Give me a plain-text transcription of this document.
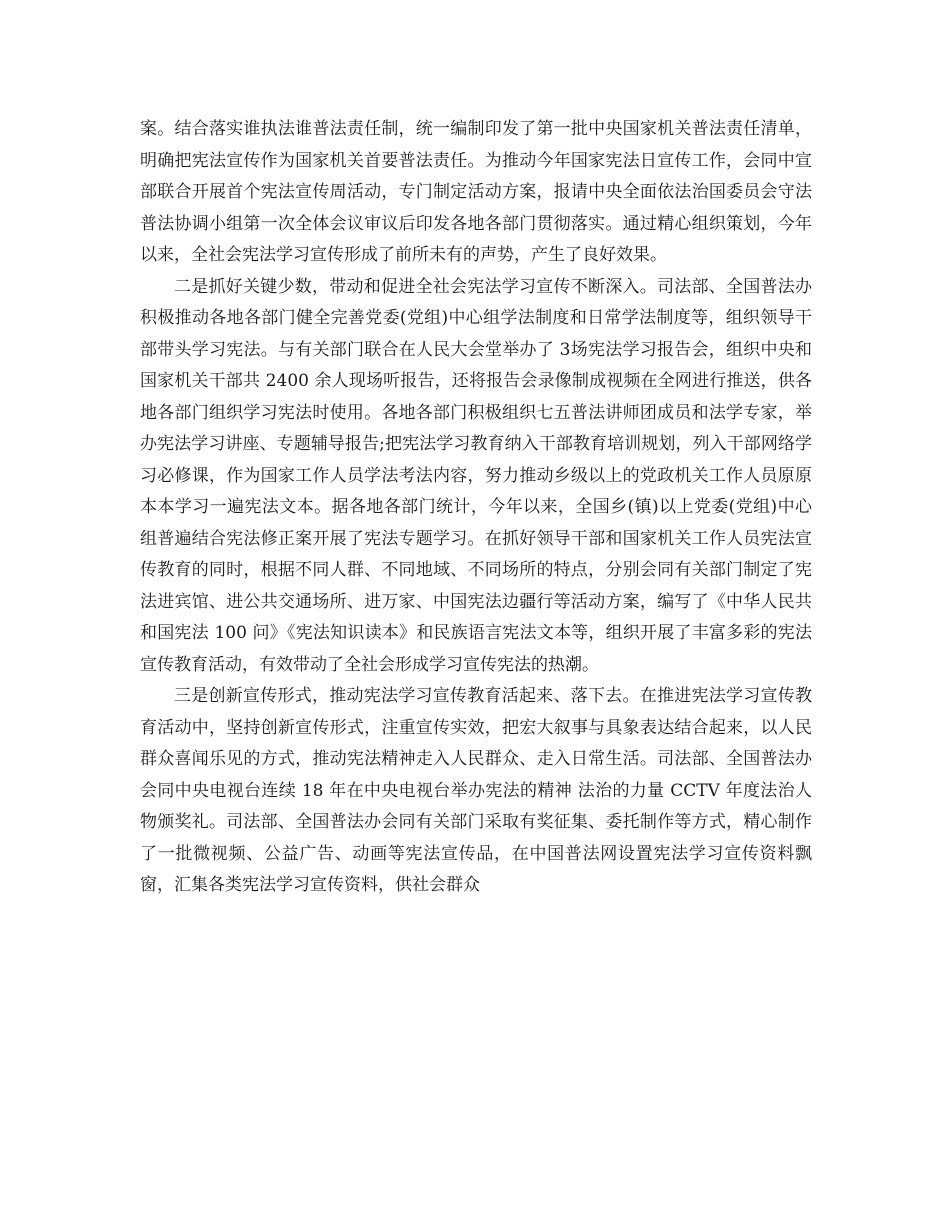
案。结合落实谁执法谁普法责任制，统一编制印发了第一批中央国家机关普法责任清单，明确把宪法宣传作为国家机关首要普法责任。为推动今年国家宪法日宣传工作，会同中宣部联合开展首个宪法宣传周活动，专门制定活动方案，报请中央全面依法治国委员会守法普法协调小组第一次全体会议审议后印发各地各部门贯彻落实。通过精心组织策划，今年以来，全社会宪法学习宣传形成了前所未有的声势，产生了良好效果。

二是抓好关键少数，带动和促进全社会宪法学习宣传不断深入。司法部、全国普法办积极推动各地各部门健全完善党委(党组)中心组学法制度和日常学法制度等，组织领导干部带头学习宪法。与有关部门联合在人民大会堂举办了 3场宪法学习报告会，组织中央和国家机关干部共 2400 余人现场听报告，还将报告会录像制成视频在全网进行推送，供各地各部门组织学习宪法时使用。各地各部门积极组织七五普法讲师团成员和法学专家，举办宪法学习讲座、专题辅导报告;把宪法学习教育纳入干部教育培训规划，列入干部网络学习必修课，作为国家工作人员学法考法内容，努力推动乡级以上的党政机关工作人员原原本本学习一遍宪法文本。据各地各部门统计，今年以来，全国乡(镇)以上党委(党组)中心组普遍结合宪法修正案开展了宪法专题学习。在抓好领导干部和国家机关工作人员宪法宣传教育的同时，根据不同人群、不同地域、不同场所的特点，分别会同有关部门制定了宪法进宾馆、进公共交通场所、进万家、中国宪法边疆行等活动方案，编写了《中华人民共和国宪法 100 问》《宪法知识读本》和民族语言宪法文本等，组织开展了丰富多彩的宪法宣传教育活动，有效带动了全社会形成学习宣传宪法的热潮。

三是创新宣传形式，推动宪法学习宣传教育活起来、落下去。在推进宪法学习宣传教育活动中，坚持创新宣传形式，注重宣传实效，把宏大叙事与具象表达结合起来，以人民群众喜闻乐见的方式，推动宪法精神走入人民群众、走入日常生活。司法部、全国普法办会同中央电视台连续 18 年在中央电视台举办宪法的精神 法治的力量 CCTV 年度法治人物颁奖礼。司法部、全国普法办会同有关部门采取有奖征集、委托制作等方式，精心制作了一批微视频、公益广告、动画等宪法宣传品，在中国普法网设置宪法学习宣传资料飘窗，汇集各类宪法学习宣传资料，供社会群众
